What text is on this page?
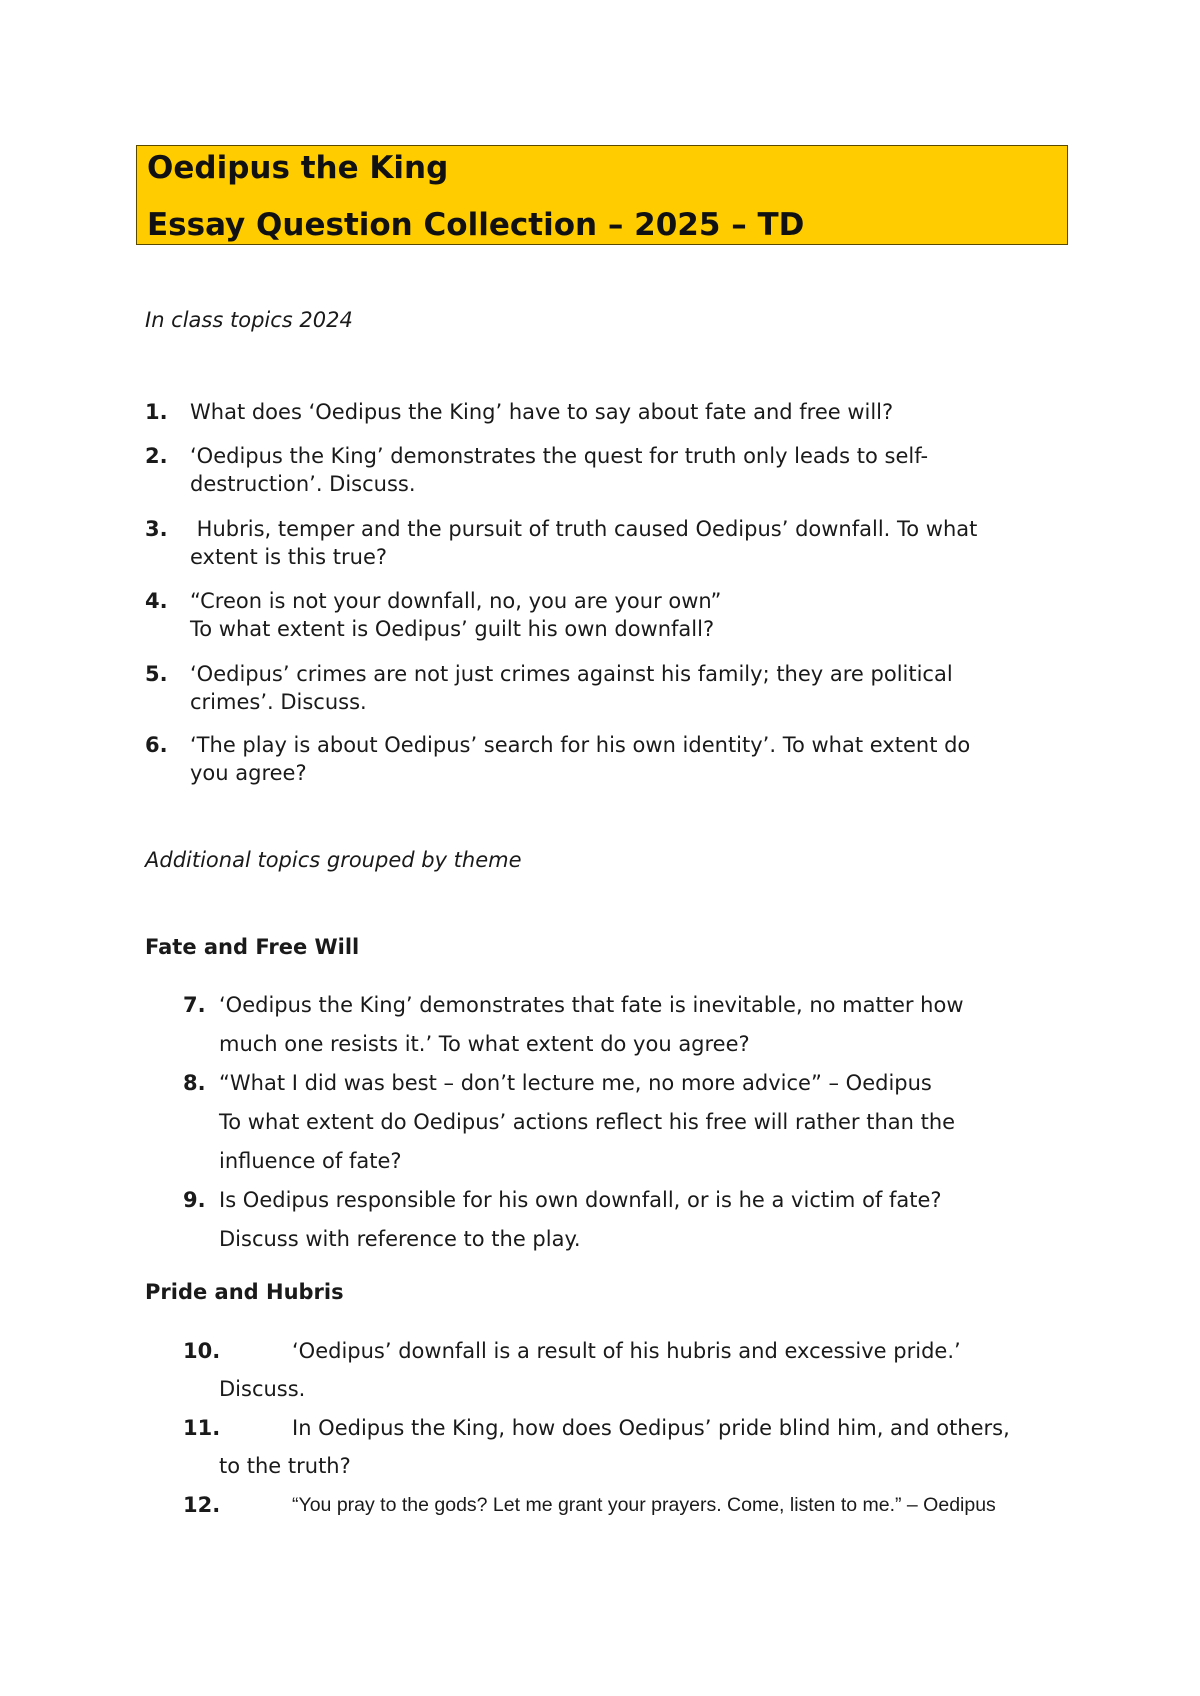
Oedipus the King
Essay Question Collection – 2025 – TD
In class topics 2024
1. What does ‘Oedipus the King’ have to say about fate and free will?
2. ‘Oedipus the King’ demonstrates the quest for truth only leads to self-
destruction’. Discuss.
3. Hubris, temper and the pursuit of truth caused Oedipus’ downfall. To what
extent is this true?
4. “Creon is not your downfall, no, you are your own”
To what extent is Oedipus’ guilt his own downfall?
5. ‘Oedipus’ crimes are not just crimes against his family; they are political
crimes’. Discuss.
6. ‘The play is about Oedipus’ search for his own identity’. To what extent do
you agree?
Additional topics grouped by theme
Fate and Free Will
7. ‘Oedipus the King’ demonstrates that fate is inevitable, no matter how
much one resists it.’ To what extent do you agree?
8. “What I did was best – don’t lecture me, no more advice” – Oedipus
To what extent do Oedipus’ actions reflect his free will rather than the
influence of fate?
9. Is Oedipus responsible for his own downfall, or is he a victim of fate?
Discuss with reference to the play.
Pride and Hubris
10.	‘Oedipus’ downfall is a result of his hubris and excessive pride.’
Discuss.
11.	In Oedipus the King, how does Oedipus’ pride blind him, and others,
to the truth?
12.	“You pray to the gods? Let me grant your prayers. Come, listen to me.” – Oedipus
